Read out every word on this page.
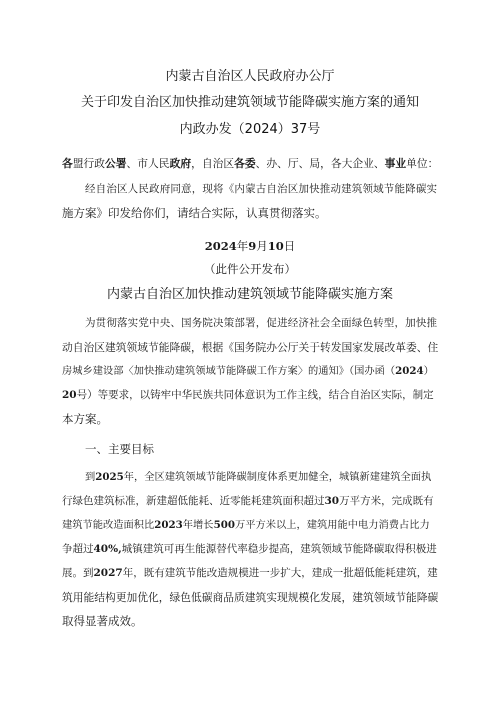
内蒙古自治区人民政府办公厅
关于印发自治区加快推动建筑领域节能降碳实施方案的通知
内政办发（2024）37号
各盟行政公署、市人民政府，自治区各委、办、厅、局，各大企业、事业单位：
经自治区人民政府同意，现将《内蒙古自治区加快推动建筑领域节能降碳实
施方案》印发给你们，请结合实际，认真贯彻落实。
2024年9月10日
（此件公开发布）
内蒙古自治区加快推动建筑领域节能降碳实施方案
为贯彻落实党中央、国务院决策部署，促进经济社会全面绿色转型，加快推
动自治区建筑领域节能降碳，根据《国务院办公厅关于转发国家发展改革委、住
房城乡建设部〈加快推动建筑领域节能降碳工作方案〉的通知》（国办函（2024）
20号）等要求，以铸牢中华民族共同体意识为工作主线，结合自治区实际，制定
本方案。
一、主要目标
到2025年，全区建筑领域节能降碳制度体系更加健全，城镇新建建筑全面执
行绿色建筑标准，新建超低能耗、近零能耗建筑面积超过30万平方米，完成既有
建筑节能改造面积比2023年增长500万平方米以上，建筑用能中电力消费占比力
争超过40%,城镇建筑可再生能源替代率稳步提高，建筑领域节能降碳取得积极进
展。到2027年，既有建筑节能改造规模进一步扩大，建成一批超低能耗建筑，建
筑用能结构更加优化，绿色低碳商品质建筑实现规模化发展，建筑领域节能降碳
取得显著成效。
